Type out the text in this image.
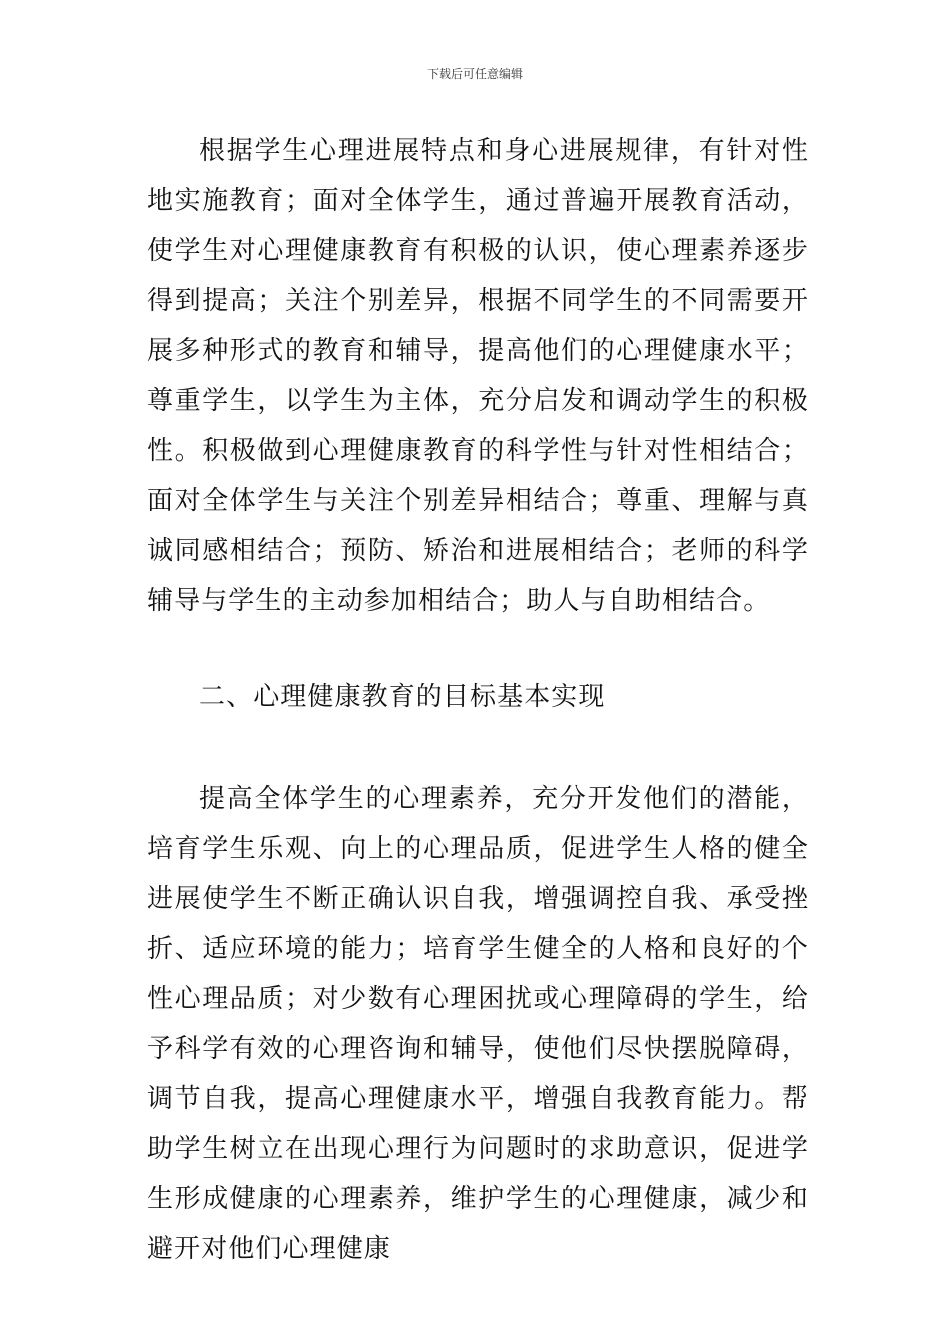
下载后可任意编辑

根据学生心理进展特点和身心进展规律，有针对性地实施教育；面对全体学生，通过普遍开展教育活动，使学生对心理健康教育有积极的认识，使心理素养逐步得到提高；关注个别差异，根据不同学生的不同需要开展多种形式的教育和辅导，提高他们的心理健康水平；尊重学生，以学生为主体，充分启发和调动学生的积极性。积极做到心理健康教育的科学性与针对性相结合；面对全体学生与关注个别差异相结合；尊重、理解与真诚同感相结合；预防、矫治和进展相结合；老师的科学辅导与学生的主动参加相结合；助人与自助相结合。

二、心理健康教育的目标基本实现

提高全体学生的心理素养，充分开发他们的潜能，培育学生乐观、向上的心理品质，促进学生人格的健全进展使学生不断正确认识自我，增强调控自我、承受挫折、适应环境的能力；培育学生健全的人格和良好的个性心理品质；对少数有心理困扰或心理障碍的学生，给予科学有效的心理咨询和辅导，使他们尽快摆脱障碍，调节自我，提高心理健康水平，增强自我教育能力。帮助学生树立在出现心理行为问题时的求助意识，促进学生形成健康的心理素养，维护学生的心理健康，减少和避开对他们心理健康
